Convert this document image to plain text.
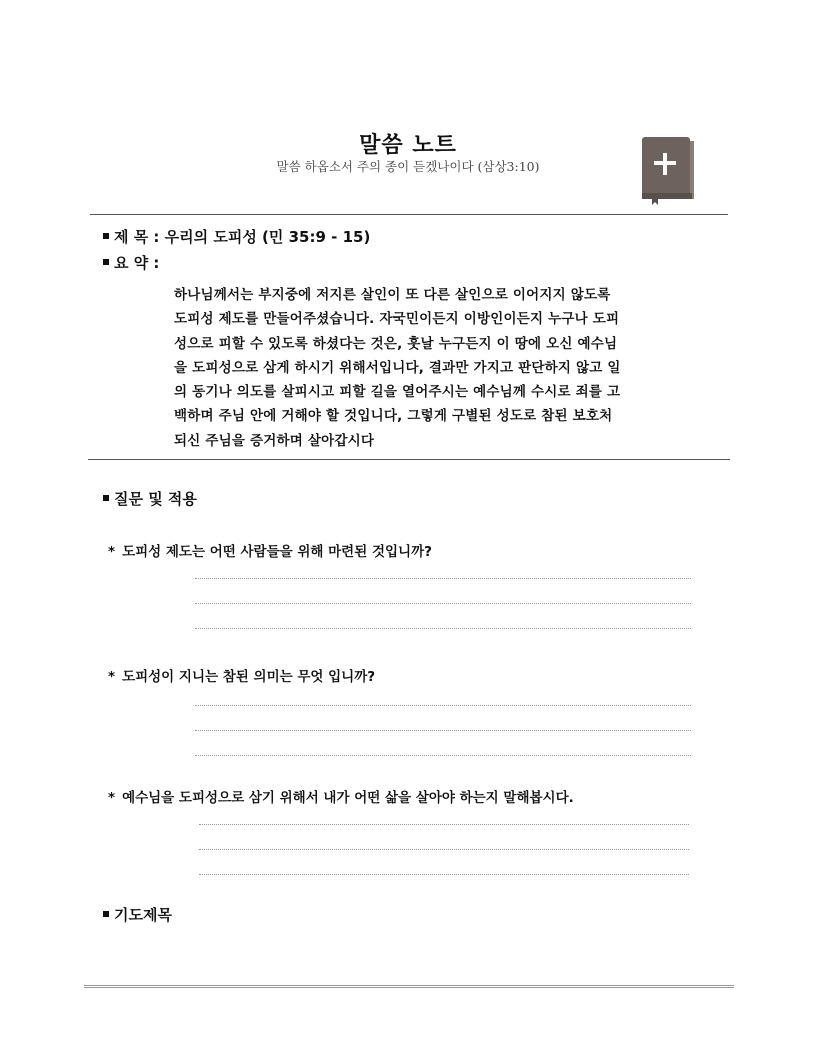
말씀 노트
말씀 하옵소서 주의 종이 듣겠나이다 (삼상3:10)
제 목 : 우리의 도피성 (민 35:9 - 15)
요 약 :
하나님께서는 부지중에 저지른 살인이 또 다른 살인으로 이어지지 않도록
도피성 제도를 만들어주셨습니다. 자국민이든지 이방인이든지 누구나 도피
성으로 피할 수 있도록 하셨다는 것은, 훗날 누구든지 이 땅에 오신 예수님
을 도피성으로 삼게 하시기 위해서입니다, 결과만 가지고 판단하지 않고 일
의 동기나 의도를 살피시고 피할 길을 열어주시는 예수님께 수시로 죄를 고
백하며 주님 안에 거해야 할 것입니다, 그렇게 구별된 성도로 참된 보호처
되신 주님을 증거하며 살아갑시다
질문 및 적용
* 도피성 제도는 어떤 사람들을 위해 마련된 것입니까?
* 도피성이 지니는 참된 의미는 무엇 입니까?
* 예수님을 도피성으로 삼기 위해서 내가 어떤 삶을 살아야 하는지 말해봅시다.
기도제목
